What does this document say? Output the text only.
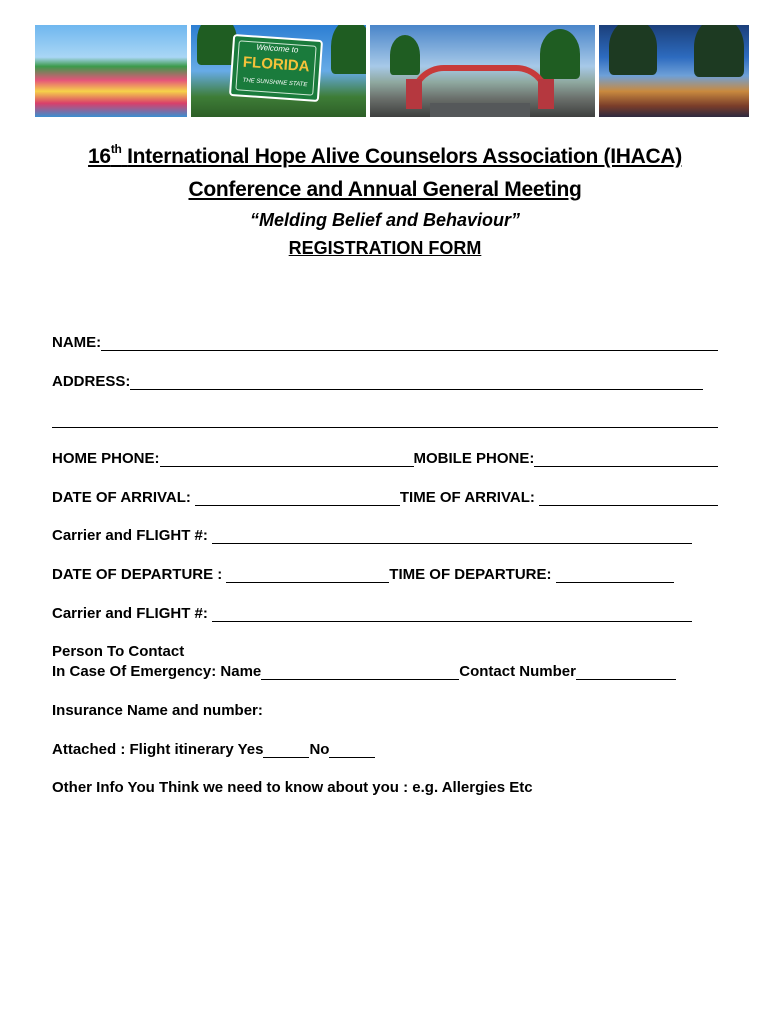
Welcome to
FLORIDA
THE SUNSHINE STATE
16th International Hope Alive Counselors Association (IHACA)
Conference and Annual General Meeting
“Melding Belief and Behaviour”
REGISTRATION FORM
NAME:
ADDRESS:
HOME PHONE:	MOBILE PHONE:
DATE OF ARRIVAL:	TIME OF ARRIVAL:
Carrier and FLIGHT #:
DATE OF DEPARTURE :	TIME OF DEPARTURE:
Carrier and FLIGHT #:
Person To Contact
In Case Of Emergency: Name	Contact Number
Insurance Name and number:
Attached : Flight itinerary Yes	No
Other Info You Think we need to know about you : e.g. Allergies Etc
